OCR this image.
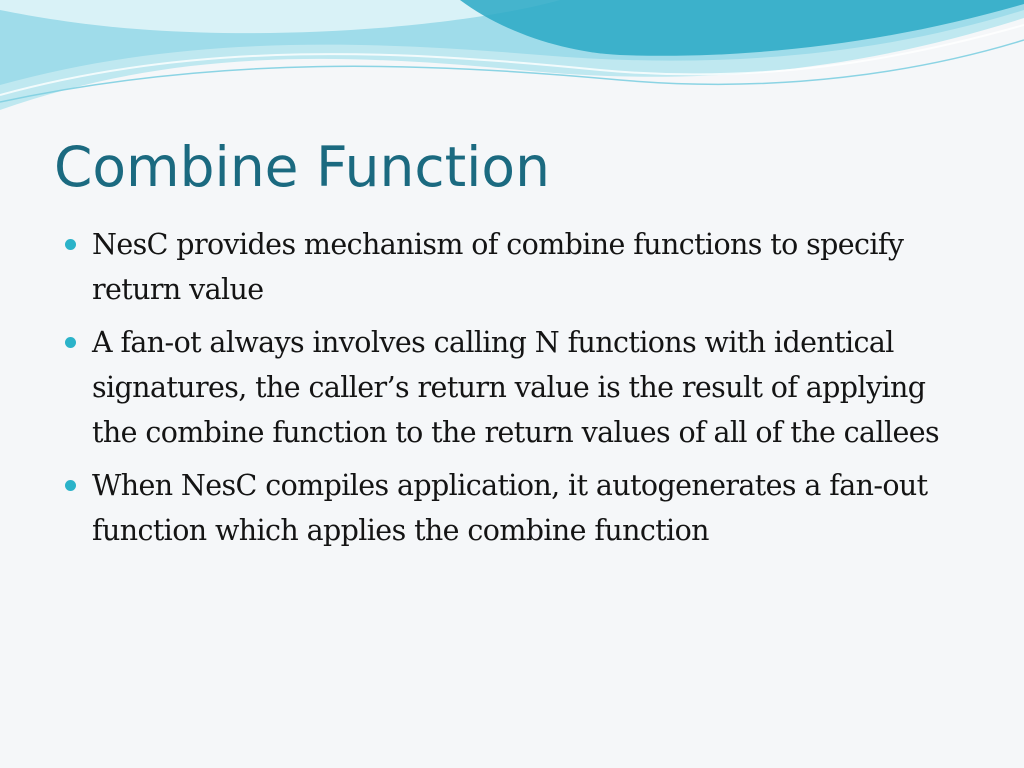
Combine Function
NesC provides mechanism of combine functions to specify return value
A fan-ot always involves calling N functions with identical signatures, the caller’s return value is the result of applying the combine function to the return values of all of the callees
When NesC compiles application, it autogenerates a fan-out function which applies the combine function
